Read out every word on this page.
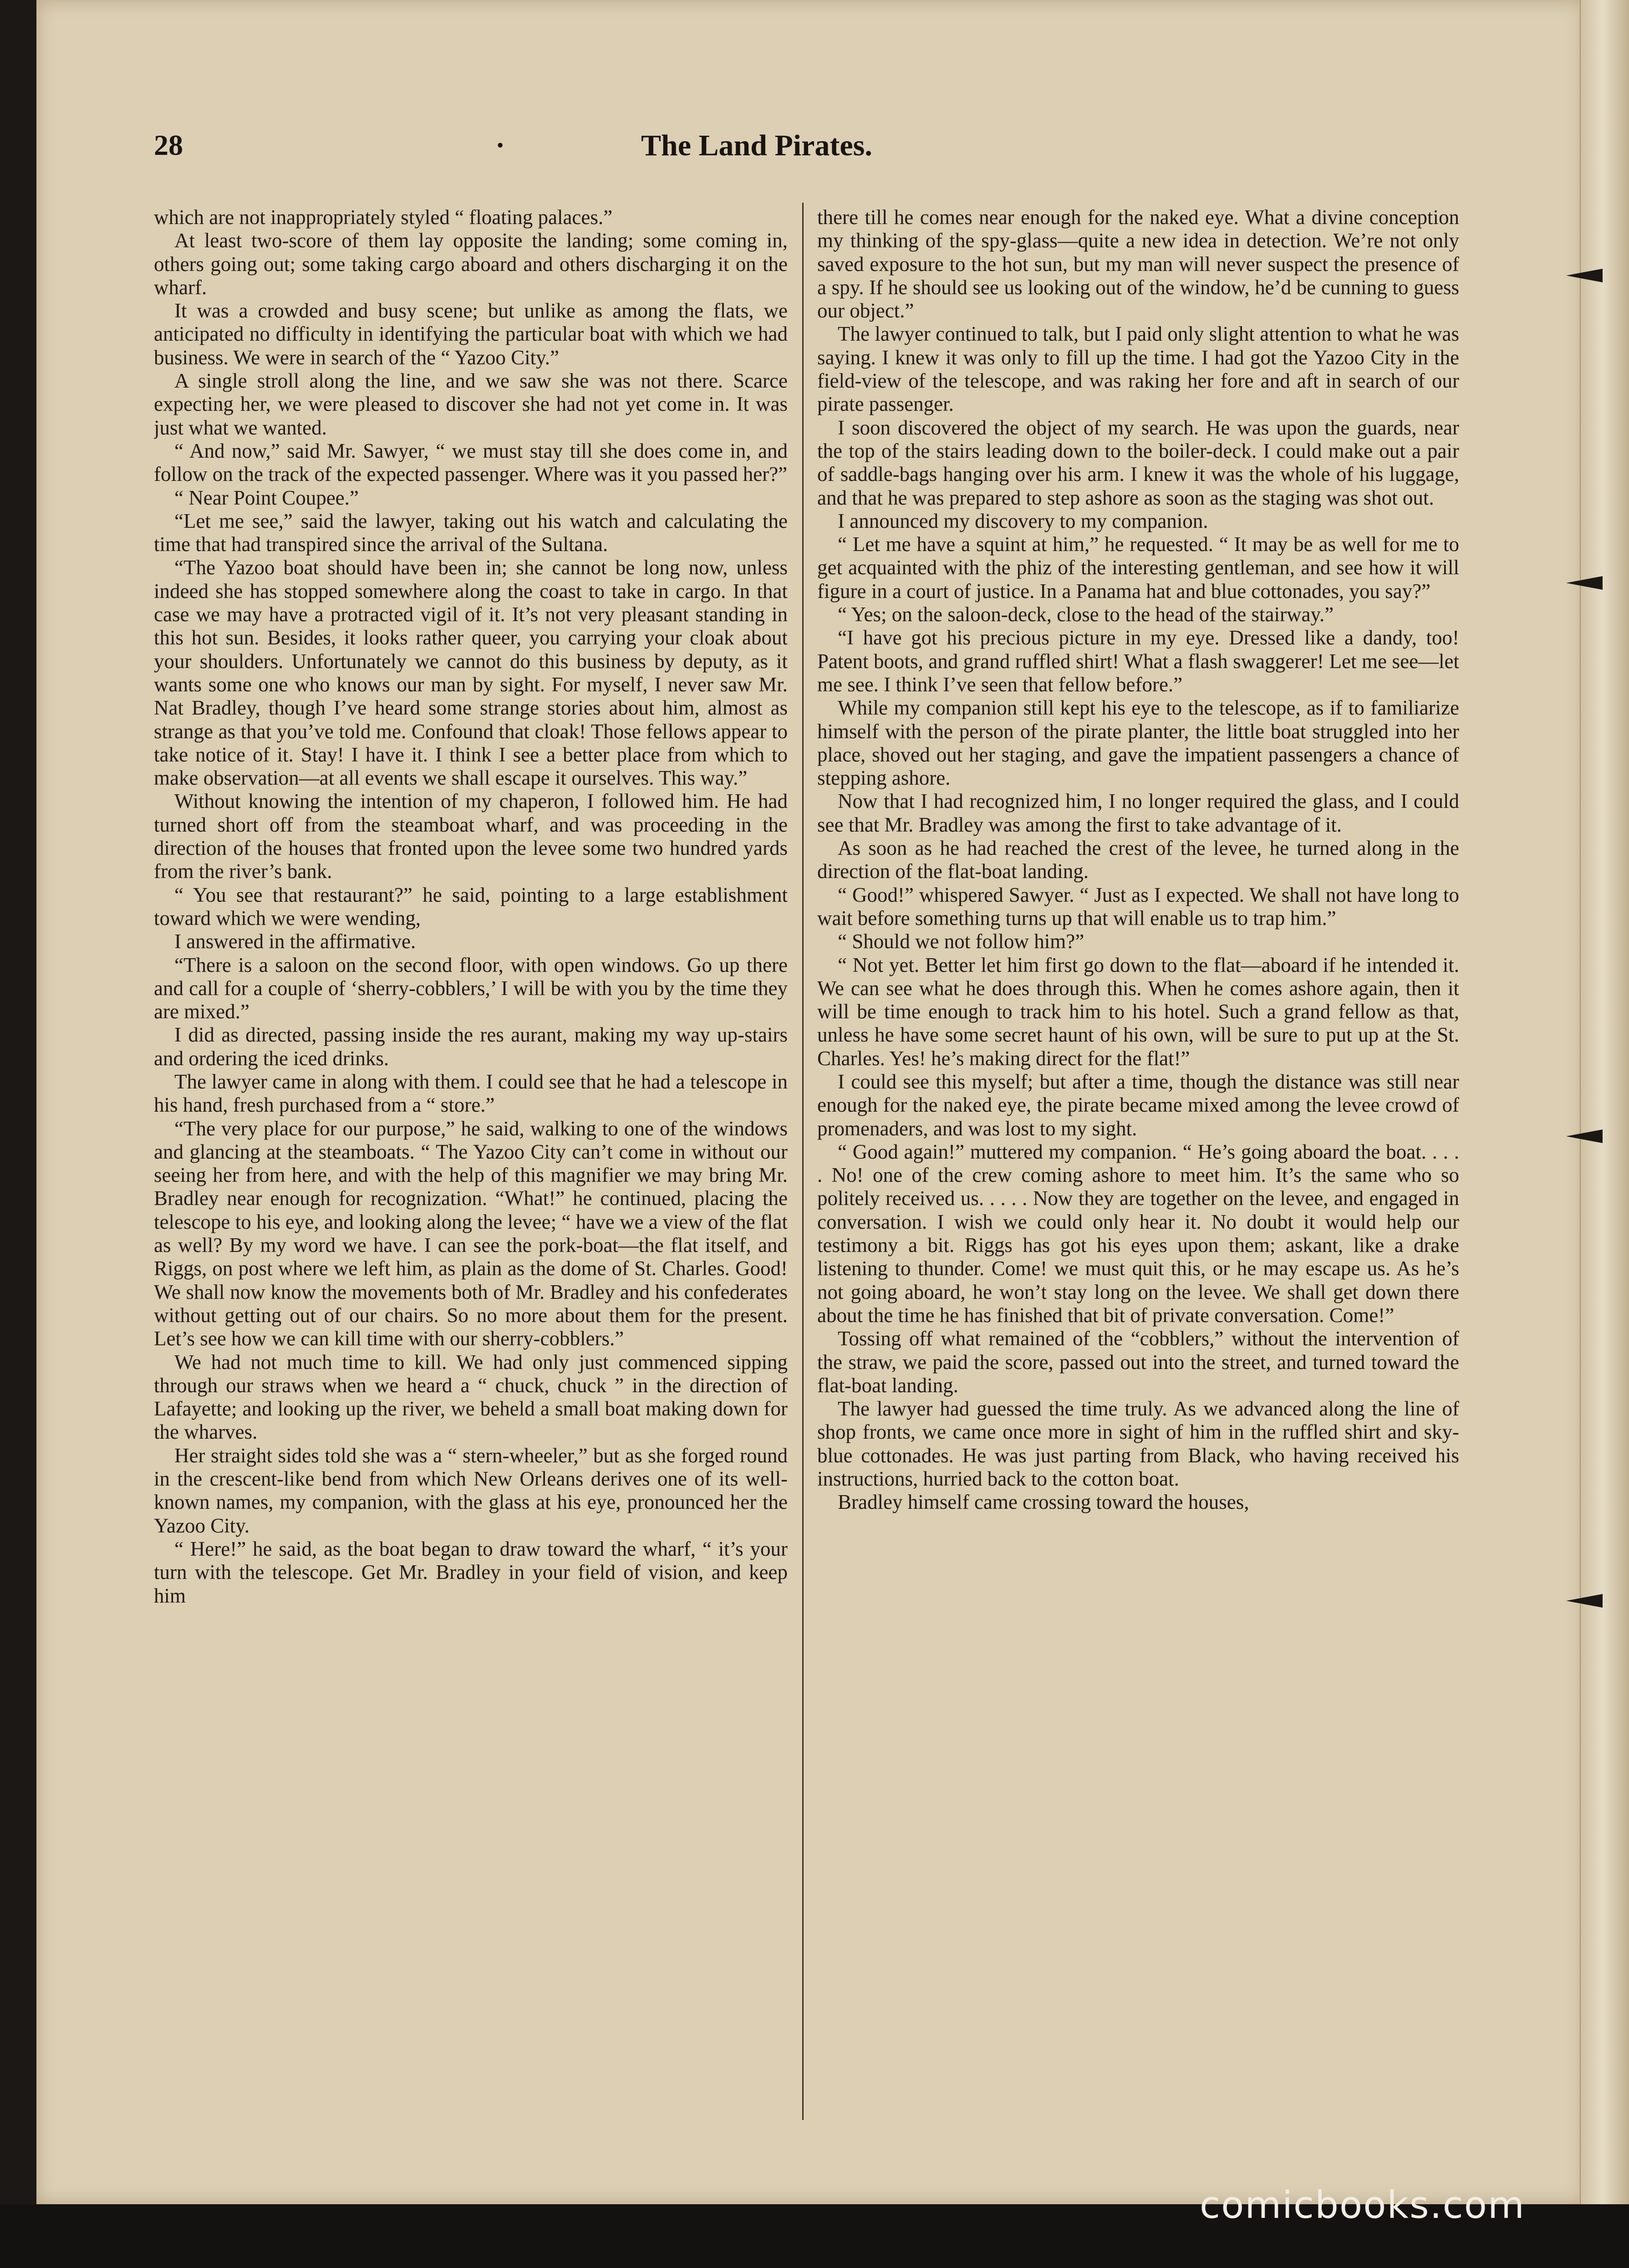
28	·	The Land Pirates.

which are not inappropriately styled “ floating palaces.”

At least two-score of them lay opposite the landing; some coming in, others going out; some taking cargo aboard and others discharging it on the wharf.

It was a crowded and busy scene; but unlike as among the flats, we anticipated no difficulty in identifying the particular boat with which we had business. We were in search of the “ Yazoo City.”

A single stroll along the line, and we saw she was not there. Scarce expecting her, we were pleased to discover she had not yet come in. It was just what we wanted.

“ And now,” said Mr. Sawyer, “ we must stay till she does come in, and follow on the track of the expected passenger. Where was it you passed her?”

“ Near Point Coupee.”

“Let me see,” said the lawyer, taking out his watch and calculating the time that had transpired since the arrival of the Sultana.

“The Yazoo boat should have been in; she cannot be long now, unless indeed she has stopped somewhere along the coast to take in cargo. In that case we may have a protracted vigil of it. It’s not very pleasant standing in this hot sun. Besides, it looks rather queer, you carrying your cloak about your shoulders. Unfortunately we cannot do this business by deputy, as it wants some one who knows our man by sight. For myself, I never saw Mr. Nat Bradley, though I’ve heard some strange stories about him, almost as strange as that you’ve told me. Confound that cloak! Those fellows appear to take notice of it. Stay! I have it. I think I see a better place from which to make observation—at all events we shall escape it ourselves. This way.”

Without knowing the intention of my chaperon, I followed him. He had turned short off from the steamboat wharf, and was proceeding in the direction of the houses that fronted upon the levee some two hundred yards from the river’s bank.

“ You see that restaurant?” he said, pointing to a large establishment toward which we were wending,

I answered in the affirmative.

“There is a saloon on the second floor, with open windows. Go up there and call for a couple of ‘sherry-cobblers,’ I will be with you by the time they are mixed.”

I did as directed, passing inside the res aurant, making my way up-stairs and ordering the iced drinks.

The lawyer came in along with them. I could see that he had a telescope in his hand, fresh purchased from a “ store.”

“The very place for our purpose,” he said, walking to one of the windows and glancing at the steamboats. “ The Yazoo City can’t come in without our seeing her from here, and with the help of this magnifier we may bring Mr. Bradley near enough for recognization. “What!” he continued, placing the telescope to his eye, and looking along the levee; “ have we a view of the flat as well? By my word we have. I can see the pork-boat—the flat itself, and Riggs, on post where we left him, as plain as the dome of St. Charles. Good! We shall now know the movements both of Mr. Bradley and his confederates without getting out of our chairs. So no more about them for the present. Let’s see how we can kill time with our sherry-cobblers.”

We had not much time to kill. We had only just commenced sipping through our straws when we heard a “ chuck, chuck ” in the direction of Lafayette; and looking up the river, we beheld a small boat making down for the wharves.

Her straight sides told she was a “ stern-wheeler,” but as she forged round in the crescent-like bend from which New Orleans derives one of its well-known names, my companion, with the glass at his eye, pronounced her the Yazoo City.

“ Here!” he said, as the boat began to draw toward the wharf, “ it’s your turn with the telescope. Get Mr. Bradley in your field of vision, and keep him

there till he comes near enough for the naked eye. What a divine conception my thinking of the spy-glass—quite a new idea in detection. We’re not only saved exposure to the hot sun, but my man will never suspect the presence of a spy. If he should see us looking out of the window, he’d be cunning to guess our object.”

The lawyer continued to talk, but I paid only slight attention to what he was saying. I knew it was only to fill up the time. I had got the Yazoo City in the field-view of the telescope, and was raking her fore and aft in search of our pirate passenger.

I soon discovered the object of my search. He was upon the guards, near the top of the stairs leading down to the boiler-deck. I could make out a pair of saddle-bags hanging over his arm. I knew it was the whole of his luggage, and that he was prepared to step ashore as soon as the staging was shot out.

I announced my discovery to my companion.

“ Let me have a squint at him,” he requested. “ It may be as well for me to get acquainted with the phiz of the interesting gentleman, and see how it will figure in a court of justice. In a Panama hat and blue cottonades, you say?”

“ Yes; on the saloon-deck, close to the head of the stairway.”

“I have got his precious picture in my eye. Dressed like a dandy, too! Patent boots, and grand ruffled shirt! What a flash swaggerer! Let me see—let me see. I think I’ve seen that fellow before.”

While my companion still kept his eye to the telescope, as if to familiarize himself with the person of the pirate planter, the little boat struggled into her place, shoved out her staging, and gave the impatient passengers a chance of stepping ashore.

Now that I had recognized him, I no longer required the glass, and I could see that Mr. Bradley was among the first to take advantage of it.

As soon as he had reached the crest of the levee, he turned along in the direction of the flat-boat landing.

“ Good!” whispered Sawyer. “ Just as I expected. We shall not have long to wait before something turns up that will enable us to trap him.”

“ Should we not follow him?”

“ Not yet. Better let him first go down to the flat—aboard if he intended it. We can see what he does through this. When he comes ashore again, then it will be time enough to track him to his hotel. Such a grand fellow as that, unless he have some secret haunt of his own, will be sure to put up at the St. Charles. Yes! he’s making direct for the flat!”

I could see this myself; but after a time, though the distance was still near enough for the naked eye, the pirate became mixed among the levee crowd of promenaders, and was lost to my sight.

“ Good again!” muttered my companion. “ He’s going aboard the boat. . . . . No! one of the crew coming ashore to meet him. It’s the same who so politely received us. . . . . Now they are together on the levee, and engaged in conversation. I wish we could only hear it. No doubt it would help our testimony a bit. Riggs has got his eyes upon them; askant, like a drake listening to thunder. Come! we must quit this, or he may escape us. As he’s not going aboard, he won’t stay long on the levee. We shall get down there about the time he has finished that bit of private conversation. Come!”

Tossing off what remained of the “cobblers,” without the intervention of the straw, we paid the score, passed out into the street, and turned toward the flat-boat landing.

The lawyer had guessed the time truly. As we advanced along the line of shop fronts, we came once more in sight of him in the ruffled shirt and sky-blue cottonades. He was just parting from Black, who having received his instructions, hurried back to the cotton boat.

Bradley himself came crossing toward the houses,

comicbooks.com
